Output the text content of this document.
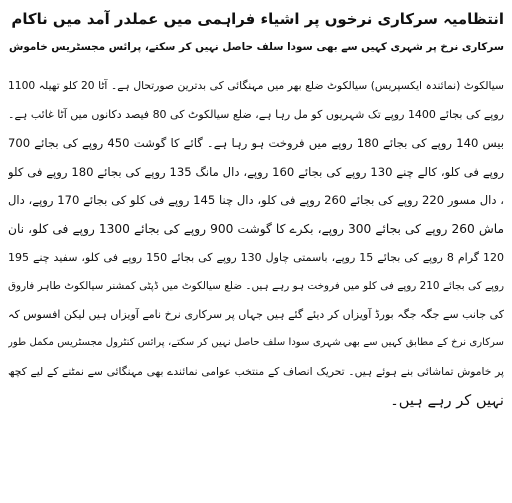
انتظامیہ سرکاری نرخوں پر اشیاء فراہمی میں عملدر آمد میں ناکام
سرکاری نرخ پر شہری کہیں سے بھی سودا سلف حاصل نہیں کر سکتے، پرائس مجسٹریس خاموش
سیالکوٹ (نمائندہ ایکسپریس) سیالکوٹ ضلع بھر میں مہنگائی کی بدترین صورتحال ہے۔ آٹا 20 کلو تھیلہ 1100
روپے کی بجائے 1400 روپے تک شہریوں کو مل رہا ہے، ضلع سیالکوٹ کی 80 فیصد دکانوں میں آٹا غائب ہے۔
بیس 140 روپے کی بجائے 180 روپے میں فروخت ہو رہا ہے۔ گائے کا گوشت 450 روپے کی بجائے 700
روپے فی کلو، کالے چنے 130 روپے کی بجائے 160 روپے، دال مانگ 135 روپے کی بجائے 180 روپے فی کلو
، دال مسور 220 روپے کی بجائے 260 روپے فی کلو، دال چنا 145 روپے فی کلو کی بجائے 170 روپے، دال
ماش 260 روپے کی بجائے 300 روپے، بکرے کا گوشت 900 روپے کی بجائے 1300 روپے فی کلو، نان
120 گرام 8 روپے کی بجائے 15 روپے، باسمتی چاول 130 روپے کی بجائے 150 روپے فی کلو، سفید چنے 195
روپے کی بجائے 210 روپے فی کلو میں فروخت ہو رہے ہیں۔ ضلع سیالکوٹ میں ڈپٹی کمشنر سیالکوٹ طاہر فاروق
کی جانب سے جگہ جگہ بورڈ آویزاں کر دیئے گئے ہیں جہاں پر سرکاری نرخ نامے آویزاں ہیں لیکن افسوس کہ
سرکاری نرخ کے مطابق کہیں سے بھی شہری سودا سلف حاصل نہیں کر سکتے، پرائس کنٹرول مجسٹریس مکمل طور
پر خاموش تماشائی بنے ہوئے ہیں۔ تحریک انصاف کے منتخب عوامی نمائندے بھی مہنگائی سے نمٹنے کے لیے کچھ
نہیں کر رہے ہیں۔
